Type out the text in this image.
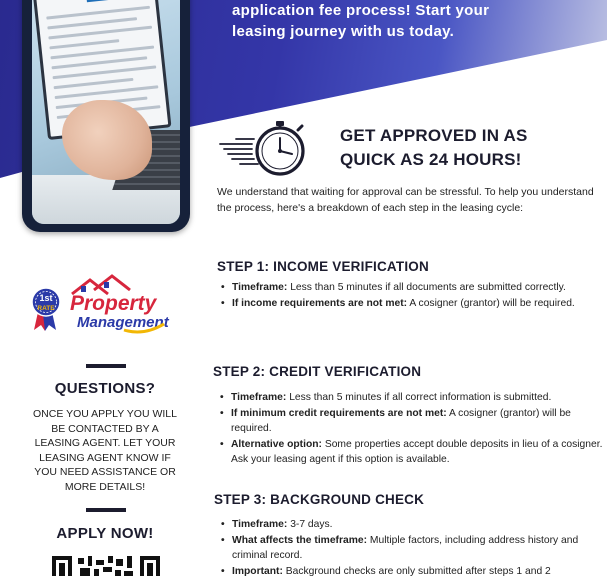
application fee process! Start your
leasing journey with us today.
1st
RATE Property
Management
QUESTIONS?
ONCE YOU APPLY YOU WILL BE CONTACTED BY A LEASING AGENT. LET YOUR LEASING AGENT KNOW IF YOU NEED ASSISTANCE OR MORE DETAILS!
APPLY NOW!
GET APPROVED IN AS
QUICK AS 24 HOURS!
We understand that waiting for approval can be stressful. To help you understand the process, here's a breakdown of each step in the leasing cycle:
STEP 1: INCOME VERIFICATION
• Timeframe: Less than 5 minutes if all documents are submitted correctly.
• If income requirements are not met: A cosigner (grantor) will be required.
STEP 2: CREDIT VERIFICATION
• Timeframe: Less than 5 minutes if all correct information is submitted.
• If minimum credit requirements are not met: A cosigner (grantor) will be required.
• Alternative option: Some properties accept double deposits in lieu of a cosigner. Ask your leasing agent if this option is available.
STEP 3: BACKGROUND CHECK
• Timeframe: 3-7 days.
• What affects the timeframe: Multiple factors, including address history and criminal record.
• Important: Background checks are only submitted after steps 1 and 2
